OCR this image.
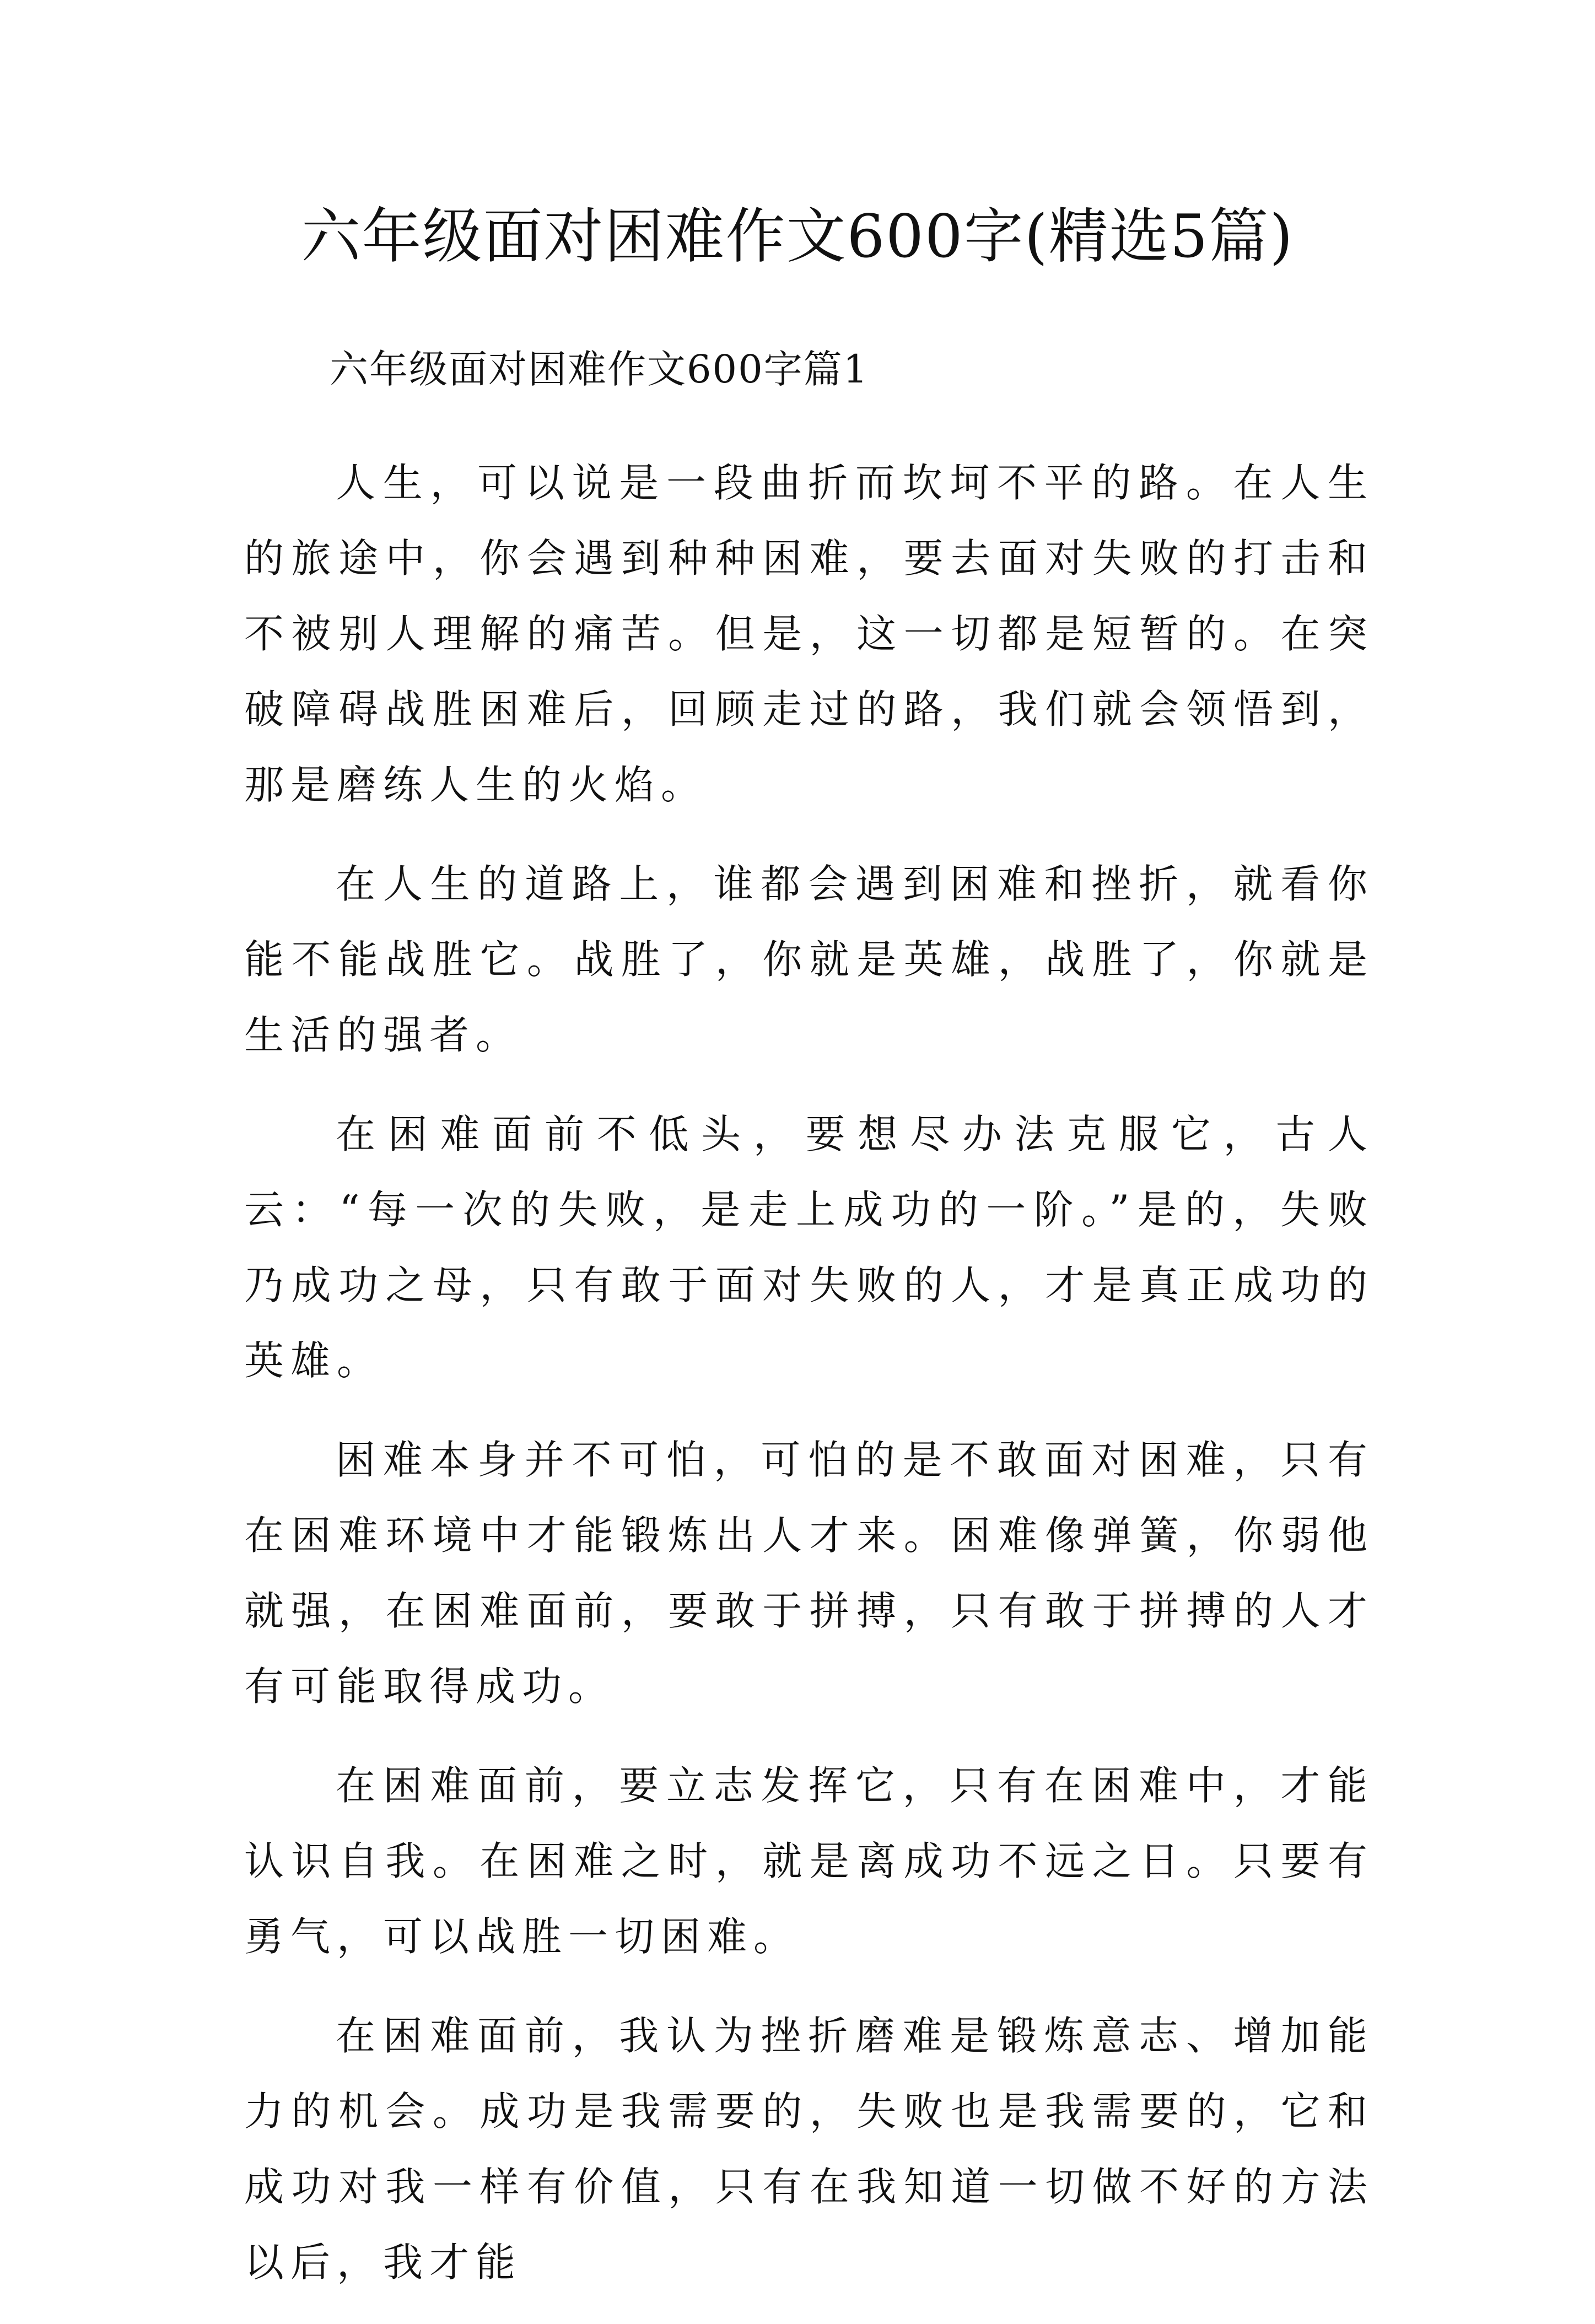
六年级面对困难作文600字(精选5篇)
六年级面对困难作文600字篇1

人生，可以说是一段曲折而坎坷不平的路。在人生的旅途中，你会遇到种种困难，要去面对失败的打击和不被别人理解的痛苦。但是，这一切都是短暂的。在突破障碍战胜困难后，回顾走过的路，我们就会领悟到，那是磨练人生的火焰。

在人生的道路上，谁都会遇到困难和挫折，就看你能不能战胜它。战胜了，你就是英雄，战胜了，你就是生活的强者。

在困难面前不低头，要想尽办法克服它，古人云：“每一次的失败，是走上成功的一阶。”是的，失败乃成功之母，只有敢于面对失败的人，才是真正成功的英雄。

困难本身并不可怕，可怕的是不敢面对困难，只有在困难环境中才能锻炼出人才来。困难像弹簧，你弱他就强，在困难面前，要敢于拼搏，只有敢于拼搏的人才有可能取得成功。

在困难面前，要立志发挥它，只有在困难中，才能认识自我。在困难之时，就是离成功不远之日。只要有勇气，可以战胜一切困难。

在困难面前，我认为挫折磨难是锻炼意志、增加能力的机会。成功是我需要的，失败也是我需要的，它和成功对我一样有价值，只有在我知道一切做不好的方法以后，我才能
